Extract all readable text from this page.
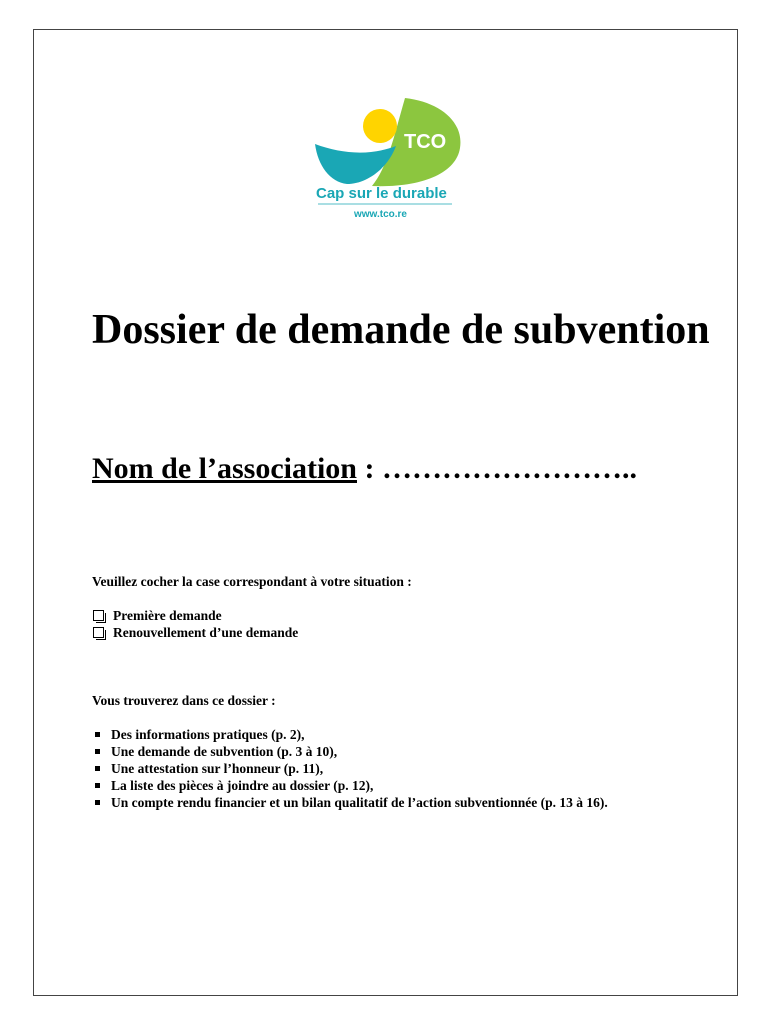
TCO
Cap sur le durable
www.tco.re
Dossier de demande de subvention
Nom de l’association : ……………………..
Veuillez cocher la case correspondant à votre situation :
Première demande
Renouvellement d’une demande
Vous trouverez dans ce dossier :
Des informations pratiques (p. 2),
Une demande de subvention (p. 3 à 10),
Une attestation sur l’honneur (p. 11),
La liste des pièces à joindre au dossier (p. 12),
Un compte rendu financier et un bilan qualitatif de l’action subventionnée (p. 13 à 16).
